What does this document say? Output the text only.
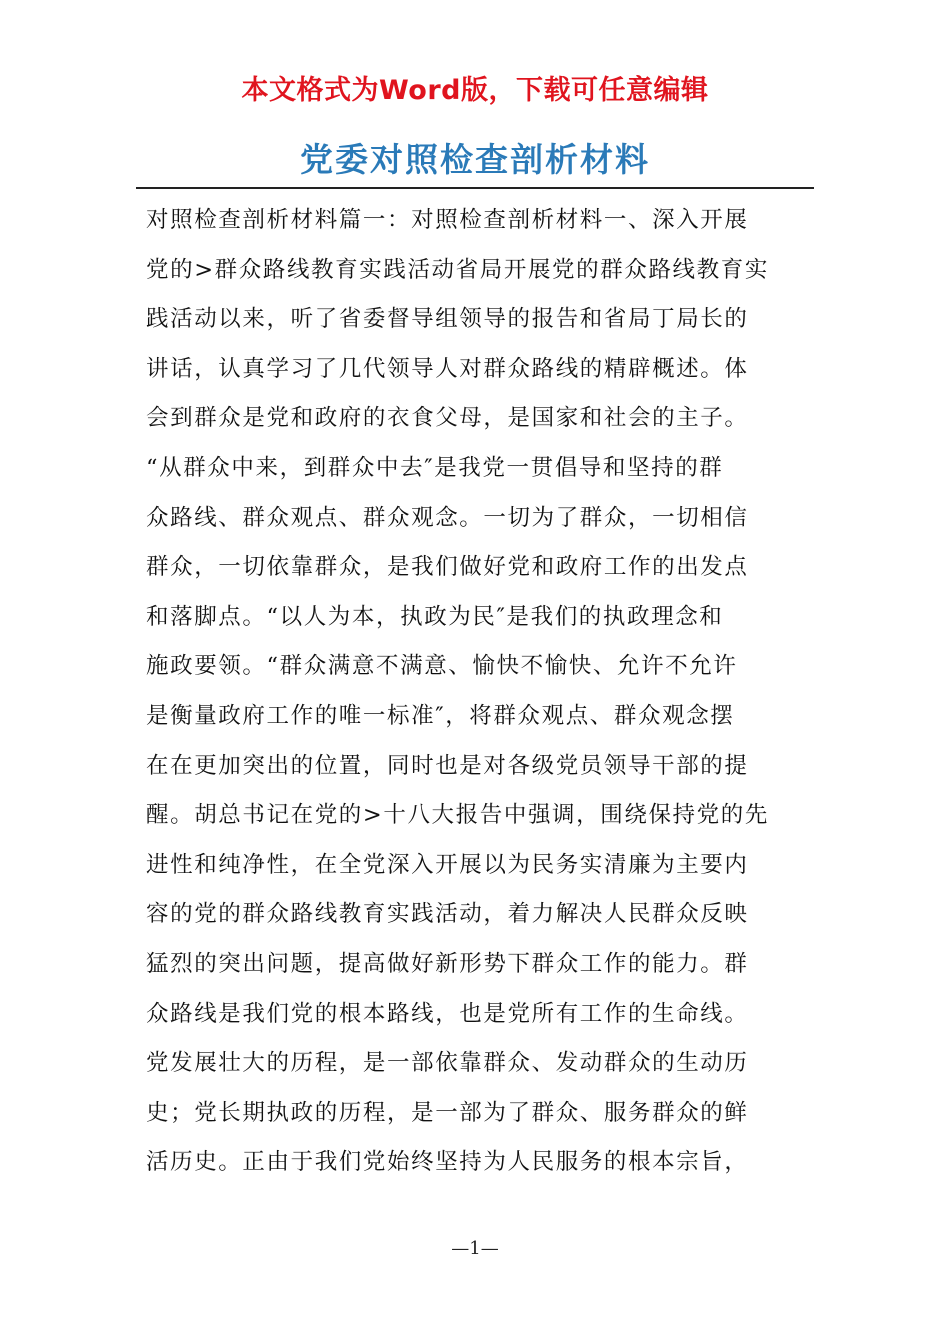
本文格式为Word版，下载可任意编辑
党委对照检查剖析材料
对照检查剖析材料篇一：对照检查剖析材料一、深入开展
党的>群众路线教育实践活动省局开展党的群众路线教育实
践活动以来，听了省委督导组领导的报告和省局丁局长的
讲话，认真学习了几代领导人对群众路线的精辟概述。体
会到群众是党和政府的衣食父母，是国家和社会的主子。
“从群众中来，到群众中去″是我党一贯倡导和坚持的群
众路线、群众观点、群众观念。一切为了群众，一切相信
群众，一切依靠群众，是我们做好党和政府工作的出发点
和落脚点。“以人为本，执政为民″是我们的执政理念和
施政要领。“群众满意不满意、愉快不愉快、允许不允许
是衡量政府工作的唯一标准″，将群众观点、群众观念摆
在在更加突出的位置，同时也是对各级党员领导干部的提
醒。胡总书记在党的>十八大报告中强调，围绕保持党的先
进性和纯净性，在全党深入开展以为民务实清廉为主要内
容的党的群众路线教育实践活动，着力解决人民群众反映
猛烈的突出问题，提高做好新形势下群众工作的能力。群
众路线是我们党的根本路线，也是党所有工作的生命线。
党发展壮大的历程，是一部依靠群众、发动群众的生动历
史；党长期执政的历程，是一部为了群众、服务群众的鲜
活历史。正由于我们党始终坚持为人民服务的根本宗旨，
—1—
